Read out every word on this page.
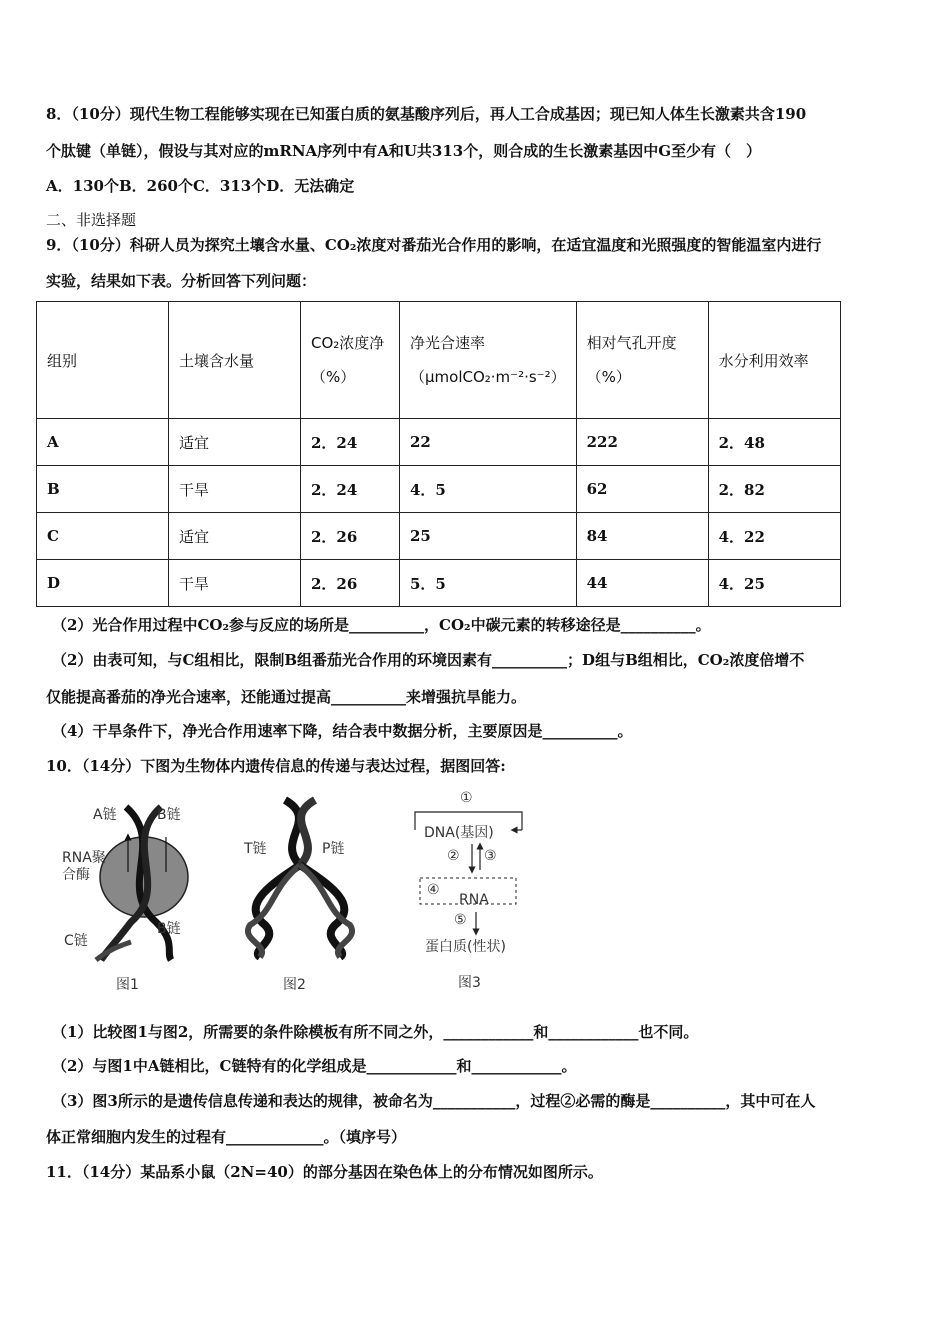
8．（10分）现代生物工程能够实现在已知蛋白质的氨基酸序列后，再人工合成基因；现已知人体生长激素共含190
个肽键（单链），假设与其对应的mRNA序列中有A和U共313个，则合成的生长激素基因中G至少有（　）
A．130个B．260个C．313个D．无法确定
二、非选择题
9．（10分）科研人员为探究土壤含水量、CO₂浓度对番茄光合作用的影响，在适宜温度和光照强度的智能温室内进行
实验，结果如下表。分析回答下列问题：
组别	土壤含水量	CO₂浓度净（%）	净光合速率（μmolCO₂·m⁻²·s⁻²）	相对气孔开度（%）	水分利用效率
A	适宜	2．24	22	222	2．48
B	干旱	2．24	4．5	62	2．82
C	适宜	2．26	25	84	4．22
D	干旱	2．26	5．5	44	4．25
（2）光合作用过程中CO₂参与反应的场所是__________，CO₂中碳元素的转移途径是__________。
（2）由表可知，与C组相比，限制B组番茄光合作用的环境因素有__________；D组与B组相比，CO₂浓度倍增不
仅能提高番茄的净光合速率，还能通过提高__________来增强抗旱能力。
（4）干旱条件下，净光合作用速率下降，结合表中数据分析，主要原因是__________。
10．（14分）下图为生物体内遗传信息的传递与表达过程，据图回答:
A链	B链
RNA聚
合酶
C链
B链
图1
T链	P链
图2
①
DNA(基因)
② ③
④
RNA
⑤
蛋白质(性状)
图3
（1）比较图1与图2，所需要的条件除模板有所不同之外，____________和____________也不同。
（2）与图1中A链相比，C链特有的化学组成是____________和____________。
（3）图3所示的是遗传信息传递和表达的规律，被命名为___________，过程②必需的酶是__________，其中可在人
体正常细胞内发生的过程有_____________。（填序号）
11．（14分）某品系小鼠（2N=40）的部分基因在染色体上的分布情况如图所示。
